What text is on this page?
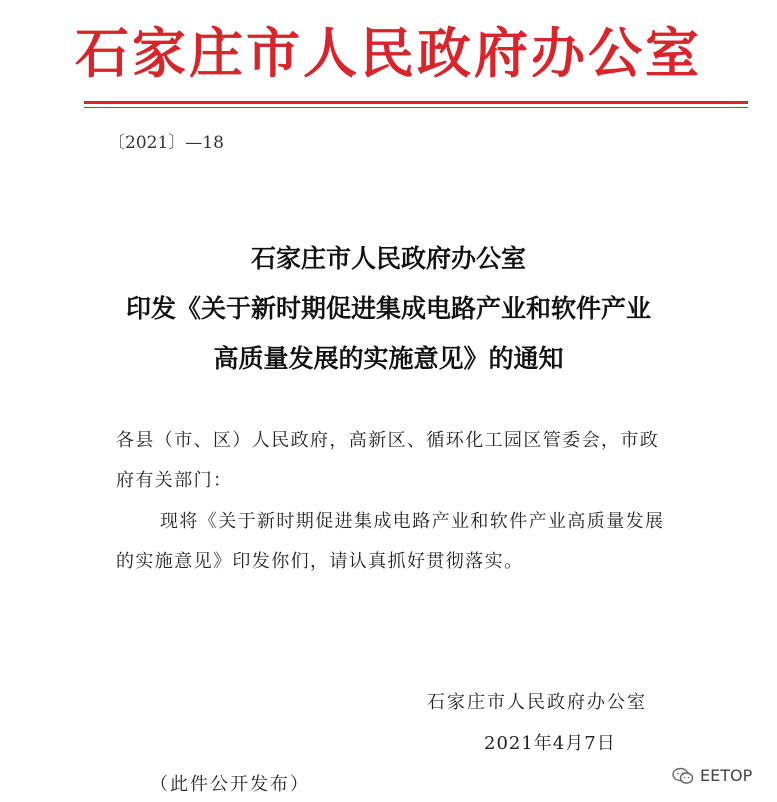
石家庄市人民政府办公室
〔2021〕—18
石家庄市人民政府办公室
印发《关于新时期促进集成电路产业和软件产业
高质量发展的实施意见》的通知
各县（市、区）人民政府，高新区、循环化工园区管委会，市政
府有关部门：
现将《关于新时期促进集成电路产业和软件产业高质量发展
的实施意见》印发你们，请认真抓好贯彻落实。
石家庄市人民政府办公室
2021年4月7日
（此件公开发布）	EETOP
